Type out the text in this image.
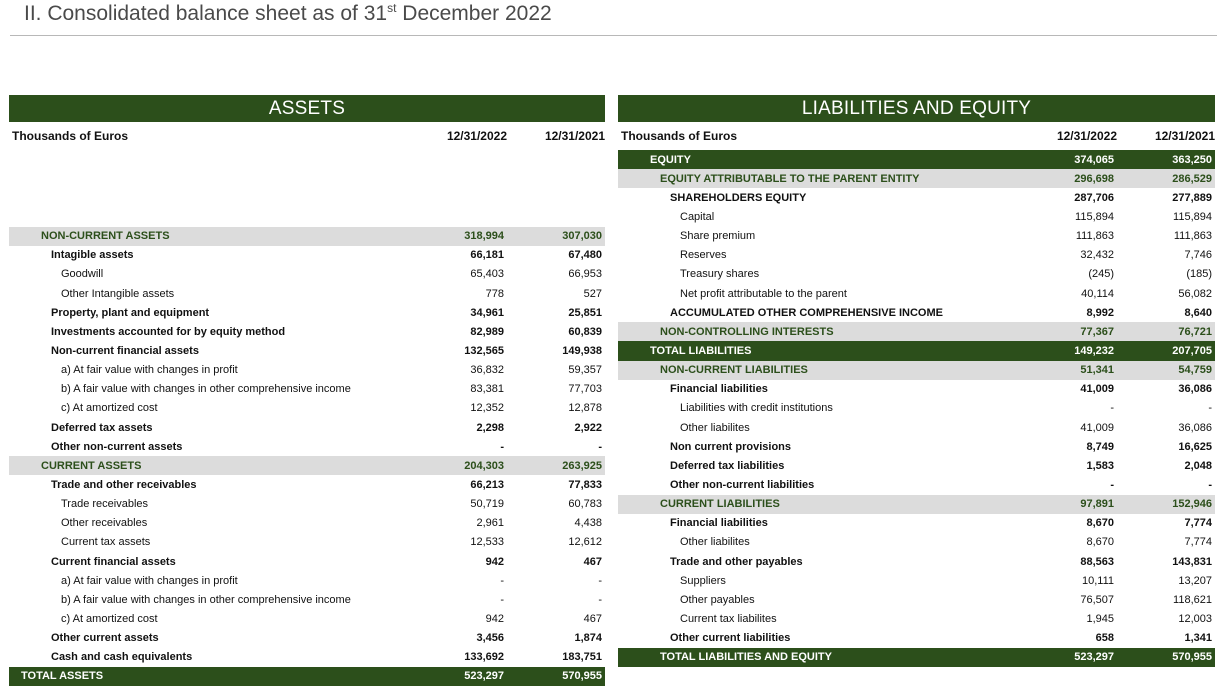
II. Consolidated balance sheet as of 31st December 2022
ASSETS
Thousands of Euros	12/31/2022	12/31/2021
NON-CURRENT ASSETS	318,994	307,030
Intagible assets	66,181	67,480
Goodwill	65,403	66,953
Other Intangible assets	778	527
Property, plant and equipment	34,961	25,851
Investments accounted for by equity method	82,989	60,839
Non-current financial assets	132,565	149,938
a) At fair value with changes in profit	36,832	59,357
b) A fair value with changes in other comprehensive income	83,381	77,703
c) At amortized cost	12,352	12,878
Deferred tax assets	2,298	2,922
Other non-current assets	-	-
CURRENT ASSETS	204,303	263,925
Trade and other receivables	66,213	77,833
Trade receivables	50,719	60,783
Other receivables	2,961	4,438
Current tax assets	12,533	12,612
Current financial assets	942	467
a) At fair value with changes in profit	-	-
b) A fair value with changes in other comprehensive income	-	-
c) At amortized cost	942	467
Other current assets	3,456	1,874
Cash and cash equivalents	133,692	183,751
TOTAL ASSETS	523,297	570,955
LIABILITIES AND EQUITY
Thousands of Euros	12/31/2022	12/31/2021
EQUITY	374,065	363,250
EQUITY ATTRIBUTABLE TO THE PARENT ENTITY	296,698	286,529
SHAREHOLDERS EQUITY	287,706	277,889
Capital	115,894	115,894
Share premium	111,863	111,863
Reserves	32,432	7,746
Treasury shares	(245)	(185)
Net profit attributable to the parent	40,114	56,082
ACCUMULATED OTHER COMPREHENSIVE INCOME	8,992	8,640
NON-CONTROLLING INTERESTS	77,367	76,721
TOTAL LIABILITIES	149,232	207,705
NON-CURRENT LIABILITIES	51,341	54,759
Financial liabilities	41,009	36,086
Liabilities with credit institutions	-	-
Other liabilites	41,009	36,086
Non current provisions	8,749	16,625
Deferred tax liabilities	1,583	2,048
Other non-current liabilities	-	-
CURRENT LIABILITIES	97,891	152,946
Financial liabilities	8,670	7,774
Other liabilites	8,670	7,774
Trade and other payables	88,563	143,831
Suppliers	10,111	13,207
Other payables	76,507	118,621
Current tax liabilites	1,945	12,003
Other current liabilities	658	1,341
TOTAL LIABILITIES AND EQUITY	523,297	570,955
